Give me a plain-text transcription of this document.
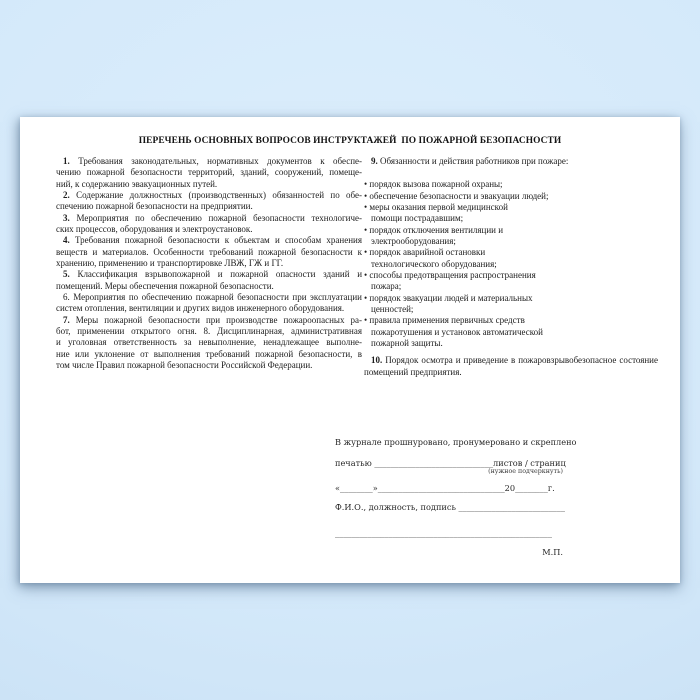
ПЕРЕЧЕНЬ ОСНОВНЫХ ВОПРОСОВ ИНСТРУКТАЖЕЙ  ПО ПОЖАРНОЙ БЕЗОПАСНОСТИ
1. Требования законодательных, нормативных документов к обеспе-
чению пожарной безопасности территорий, зданий, сооружений, помеще-
ний, к содержанию эвакуационных путей.
2. Содержание должностных (производственных) обязанностей по обе-
спечению пожарной безопасности на предприятии.
3. Мероприятия по обеспечению пожарной безопасности технологиче-
ских процессов, оборудования и электроустановок.
4. Требования пожарной безопасности к объектам и способам хранения
веществ и материалов. Особенности требований пожарной безопасности к
хранению, применению и транспортировке ЛВЖ, ГЖ и ГГ.
5. Классификация взрывопожарной и пожарной опасности зданий и
помещений. Меры обеспечения пожарной безопасности.
6. Мероприятия по обеспечению пожарной безопасности при эксплуатации
систем отопления, вентиляции и других видов инженерного оборудования.
7. Меры пожарной безопасности при производстве пожароопасных ра-
бот, применении открытого огня. 8. Дисциплинарная, административная
и уголовная ответственность за невыполнение, ненадлежащее выполне-
ние или уклонение от выполнения требований пожарной безопасности, в
том числе Правил пожарной безопасности Российской Федерации.
9. Обязанности и действия работников при пожаре:
• порядок вызова пожарной охраны;
• обеспечение безопасности и эвакуации людей;
• меры оказания первой медицинской
помощи пострадавшим;
• порядок отключения вентиляции и
электрооборудования;
• порядок аварийной остановки
технологического оборудования;
• способы предотвращения распространения
пожара;
• порядок эвакуации людей и материальных
ценностей;
• правила применения первичных средств
пожаротушения и установок автоматической
пожарной защиты.
10. Порядок осмотра и приведение в пожаровзрывобезопасное состояние
помещений предприятия.
В журнале прошнуровано, пронумеровано и скреплено
печатью _____________________________листов / страниц
(нужное подчеркнуть)
«________»_______________________________20________г.
Ф.И.О., должность, подпись __________________________
_____________________________________________________
М.П.
